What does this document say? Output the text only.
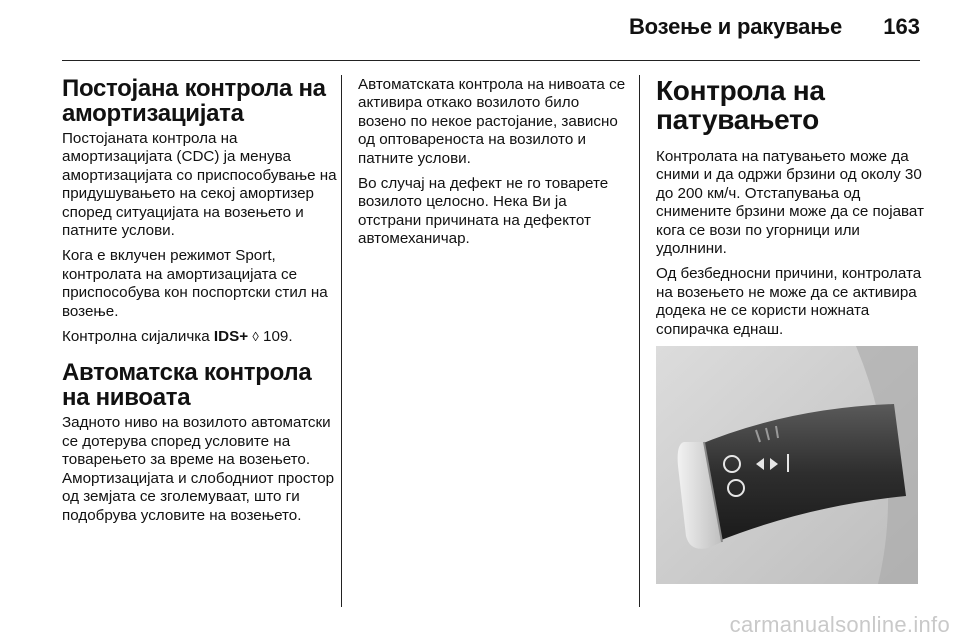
Возење и ракување 163
Постојана контрола на амортизацијата

Постојаната контрола на амортизацијата (CDC) ја менува амортизацијата со приспособување на придушувањето на секој амортизер според ситуацијата на возењето и патните услови.

Кога е вклучен режимот Sport, контролата на амортизацијата се приспособува кон поспортски стил на возење.

Контролна сијаличка IDS+ ◊ 109.

Автоматска контрола на нивоата

Задното ниво на возилото автоматски се дотерува според условите на товарењето за време на возењето. Амортизацијата и слободниот простор од земјата се зголемуваат, што ги подобрува условите на возењето.

Автоматската контрола на нивоата се активира откако возилото било возено по некое растојание, зависно од оптовареноста на возилото и патните услови.

Во случај на дефект не го товарете возилото целосно. Нека Ви ја отстрани причината на дефектот автомеханичар.

Контрола на патувањето

Контролата на патувањето може да сними и да одржи брзини од околу 30 до 200 км/ч. Отстапувања од снимените брзини може да се појават кога се вози по угорници или удолнини.

Од безбедносни причини, контролата на возењето не може да се активира додека не се користи ножната сопирачка еднаш.

carmanualsonline.info
